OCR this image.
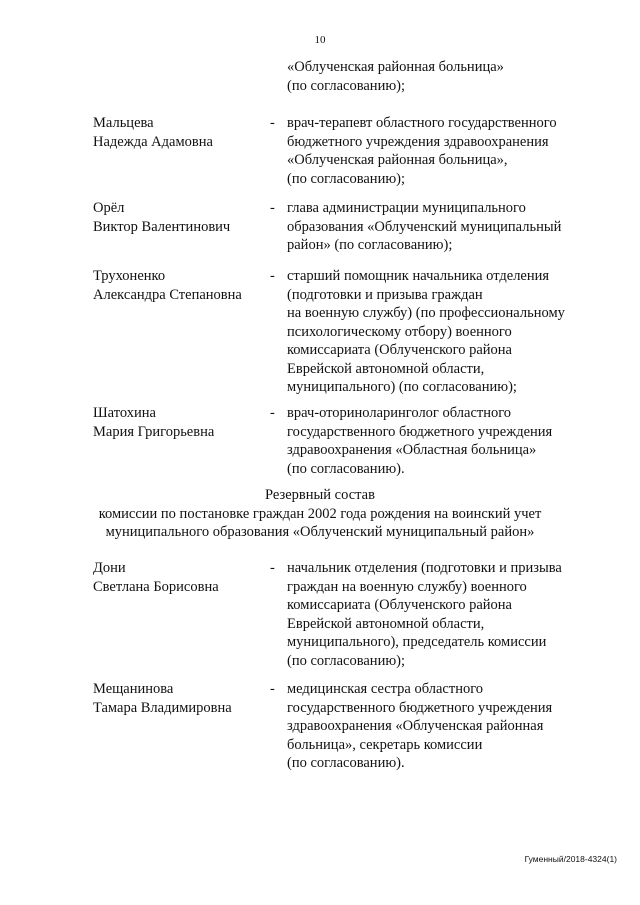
10
«Облученская районная больница»
(по согласованию);
Мальцева
Надежда Адамовна
- врач-терапевт областного государственного
бюджетного учреждения здравоохранения
«Облученская районная больница»,
(по согласованию);
Орёл
Виктор Валентинович
- глава администрации муниципального
образования «Облученский муниципальный
район» (по согласованию);
Трухоненко
Александра Степановна
- старший помощник начальника отделения
(подготовки и призыва граждан
на военную службу) (по профессиональному
психологическому отбору) военного
комиссариата (Облученского района
Еврейской автономной области,
муниципального) (по согласованию);
Шатохина
Мария Григорьевна
- врач-оториноларинголог областного
государственного бюджетного учреждения
здравоохранения «Областная больница»
(по согласованию).
Резервный состав
комиссии по постановке граждан 2002 года рождения на воинский учет
муниципального образования «Облученский муниципальный район»
Дони
Светлана Борисовна
- начальник отделения (подготовки и призыва
граждан на военную службу) военного
комиссариата (Облученского района
Еврейской автономной области,
муниципального), председатель комиссии
(по согласованию);
Мещанинова
Тамара Владимировна
- медицинская сестра областного
государственного бюджетного учреждения
здравоохранения «Облученская районная
больница», секретарь комиссии
(по согласованию).
Гуменный/2018-4324(1)
